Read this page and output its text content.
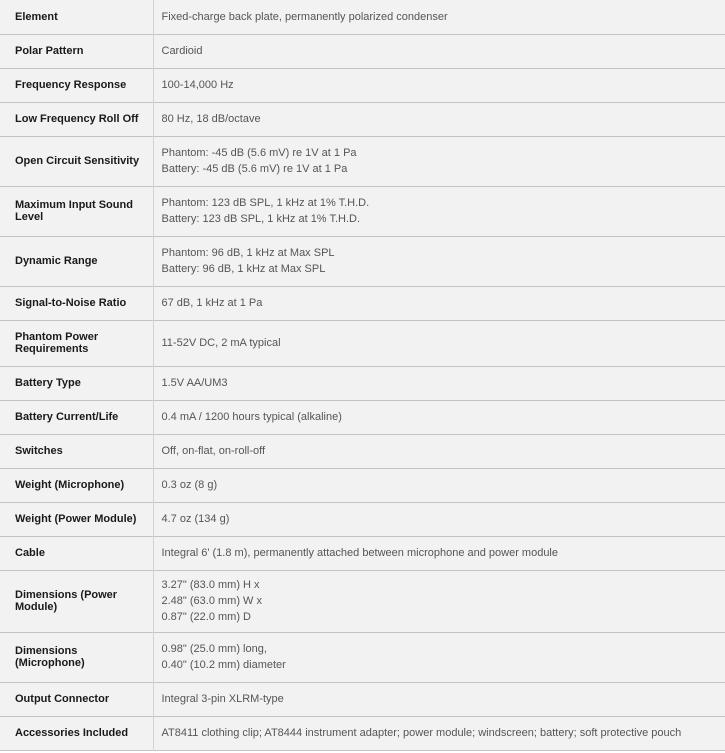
Element	Fixed-charge back plate, permanently polarized condenser

Polar Pattern	Cardioid

Frequency Response	100-14,000 Hz

Low Frequency Roll Off	80 Hz, 18 dB/octave

Open Circuit Sensitivity	Phantom: -45 dB (5.6 mV) re 1V at 1 Pa
Battery: -45 dB (5.6 mV) re 1V at 1 Pa

Maximum Input Sound Level	Phantom: 123 dB SPL, 1 kHz at 1% T.H.D.
Battery: 123 dB SPL, 1 kHz at 1% T.H.D.

Dynamic Range	Phantom: 96 dB, 1 kHz at Max SPL
Battery: 96 dB, 1 kHz at Max SPL

Signal-to-Noise Ratio	67 dB, 1 kHz at 1 Pa

Phantom Power Requirements	11-52V DC, 2 mA typical

Battery Type	1.5V AA/UM3

Battery Current/Life	0.4 mA / 1200 hours typical (alkaline)

Switches	Off, on-flat, on-roll-off

Weight (Microphone)	0.3 oz (8 g)

Weight (Power Module)	4.7 oz (134 g)

Cable	Integral 6' (1.8 m), permanently attached between microphone and power module

Dimensions (Power Module)	3.27" (83.0 mm) H x
2.48" (63.0 mm) W x
0.87" (22.0 mm) D

Dimensions (Microphone)	0.98" (25.0 mm) long,
0.40" (10.2 mm) diameter

Output Connector	Integral 3-pin XLRM-type

Accessories Included	AT8411 clothing clip; AT8444 instrument adapter; power module; windscreen; battery; soft protective pouch
